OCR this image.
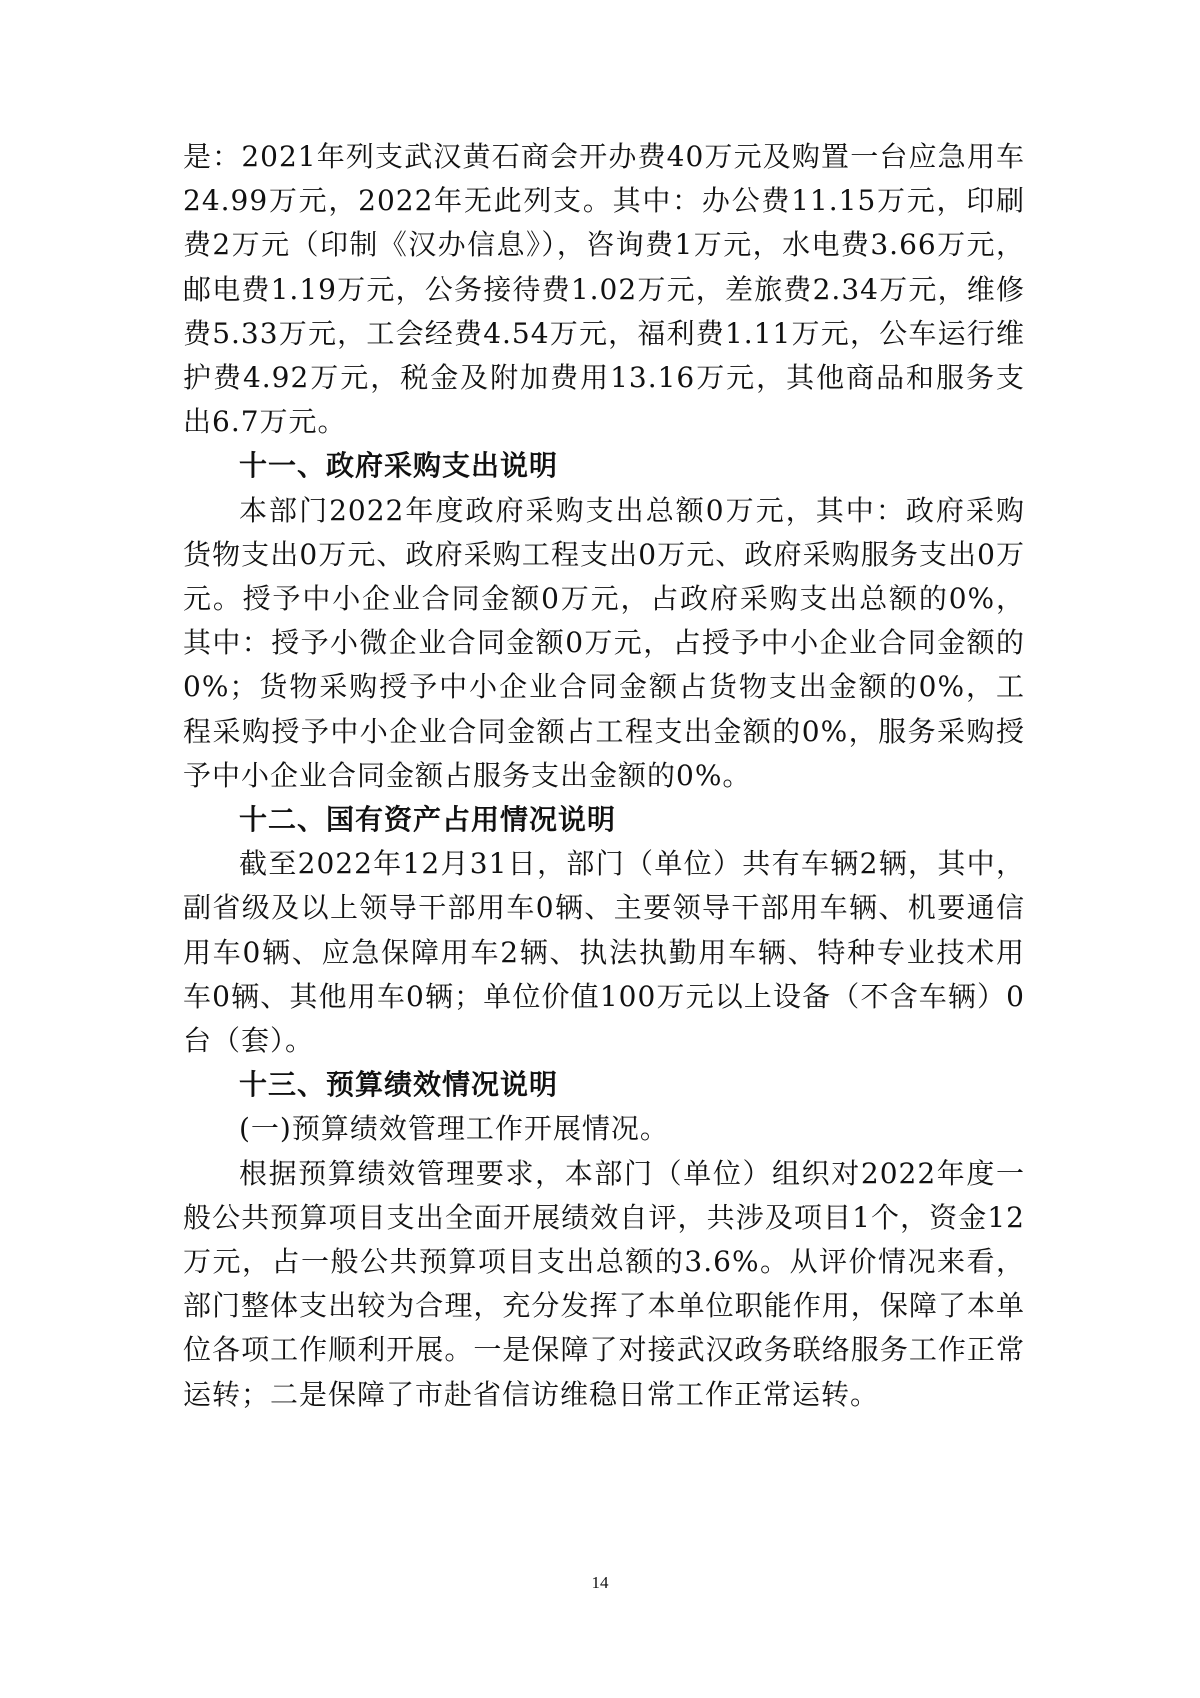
是：2021年列支武汉黄石商会开办费40万元及购置一台应急用车24.99万元，2022年无此列支。其中：办公费11.15万元，印刷费2万元（印制《汉办信息》），咨询费1万元，水电费3.66万元，邮电费1.19万元，公务接待费1.02万元，差旅费2.34万元，维修费5.33万元，工会经费4.54万元，福利费1.11万元，公车运行维护费4.92万元，税金及附加费用13.16万元，其他商品和服务支出6.7万元。

十一、政府采购支出说明

本部门2022年度政府采购支出总额0万元，其中：政府采购货物支出0万元、政府采购工程支出0万元、政府采购服务支出0万元。授予中小企业合同金额0万元，占政府采购支出总额的0%，其中：授予小微企业合同金额0万元，占授予中小企业合同金额的0%；货物采购授予中小企业合同金额占货物支出金额的0%，工程采购授予中小企业合同金额占工程支出金额的0%，服务采购授予中小企业合同金额占服务支出金额的0%。

十二、国有资产占用情况说明

截至2022年12月31日，部门（单位）共有车辆2辆，其中，副省级及以上领导干部用车0辆、主要领导干部用车辆、机要通信用车0辆、应急保障用车2辆、执法执勤用车辆、特种专业技术用车0辆、其他用车0辆；单位价值100万元以上设备（不含车辆）0台（套）。

十三、预算绩效情况说明

(一)预算绩效管理工作开展情况。

根据预算绩效管理要求，本部门（单位）组织对2022年度一般公共预算项目支出全面开展绩效自评，共涉及项目1个，资金12万元，占一般公共预算项目支出总额的3.6%。从评价情况来看，部门整体支出较为合理，充分发挥了本单位职能作用，保障了本单位各项工作顺利开展。一是保障了对接武汉政务联络服务工作正常运转；二是保障了市赴省信访维稳日常工作正常运转。

14
